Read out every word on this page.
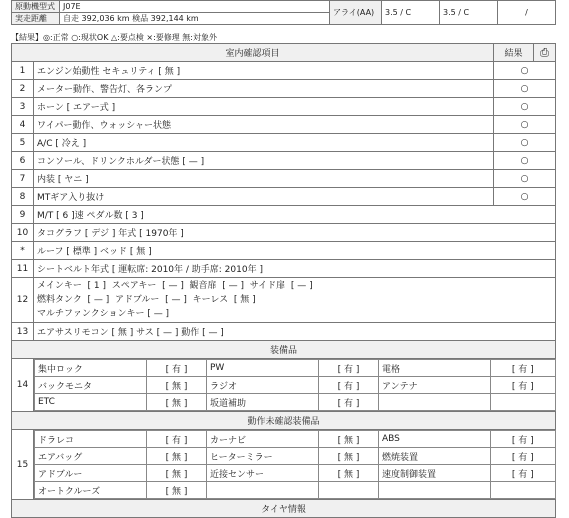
原動機型式	J07E	アライ(AA)	3.5 / C	3.5 / C	/
実走距離	自走 392,036 km 検品 392,144 km				
【結果】◎:正常 ○:現状OK △:要点検 ×:要修理 無:対象外
室内確認項目	結果	⎙
1	エンジン始動性 セキュリティ [ 無 ]	○
2	メーター動作、警告灯、各ランプ	○
3	ホーン [ エアー式 ]	○
4	ワイパー動作、ウォッシャー状態	○
5	A/C [ 冷え ]	○
6	コンソール、ドリンクホルダー状態 [ — ]	○
7	内装 [ ヤニ ]	○
8	MTギア入り抜け	○
9	M/T [ 6 ]速 ペダル数 [ 3 ]
10	タコグラフ [ デジ ] 年式 [ 1970年 ]
*	ルーフ [ 標準 ] ベッド [ 無 ]
11	シートベルト年式 [ 運転席: 2010年 / 助手席: 2010年 ]
12	
メインキー  [ 1 ]  スペアキー  [ — ]  観音扉  [ — ]  サイド扉  [ — ]
燃料タンク  [ — ]  アドブルー  [ — ]  キーレス  [ 無 ]
マルチファンクションキー [ — ]

13	エアサスリモコン [ 無 ] サス [ — ] 動作 [ — ]
装備品
14	
集中ロック	[ 有 ]	PW	[ 有 ]	電格	[ 有 ]
バックモニタ	[ 無 ]	ラジオ	[ 有 ]	アンテナ	[ 有 ]
ETC	[ 無 ]	坂道補助	[ 有 ]		

動作未確認装備品
15	
ドラレコ	[ 有 ]	カーナビ	[ 無 ]	ABS	[ 有 ]
エアバッグ	[ 無 ]	ヒーターミラー	[ 無 ]	燃焼装置	[ 有 ]
アドブルー	[ 無 ]	近接センサー	[ 無 ]	速度制御装置	[ 有 ]
オートクルーズ	[ 無 ]				

タイヤ情報
